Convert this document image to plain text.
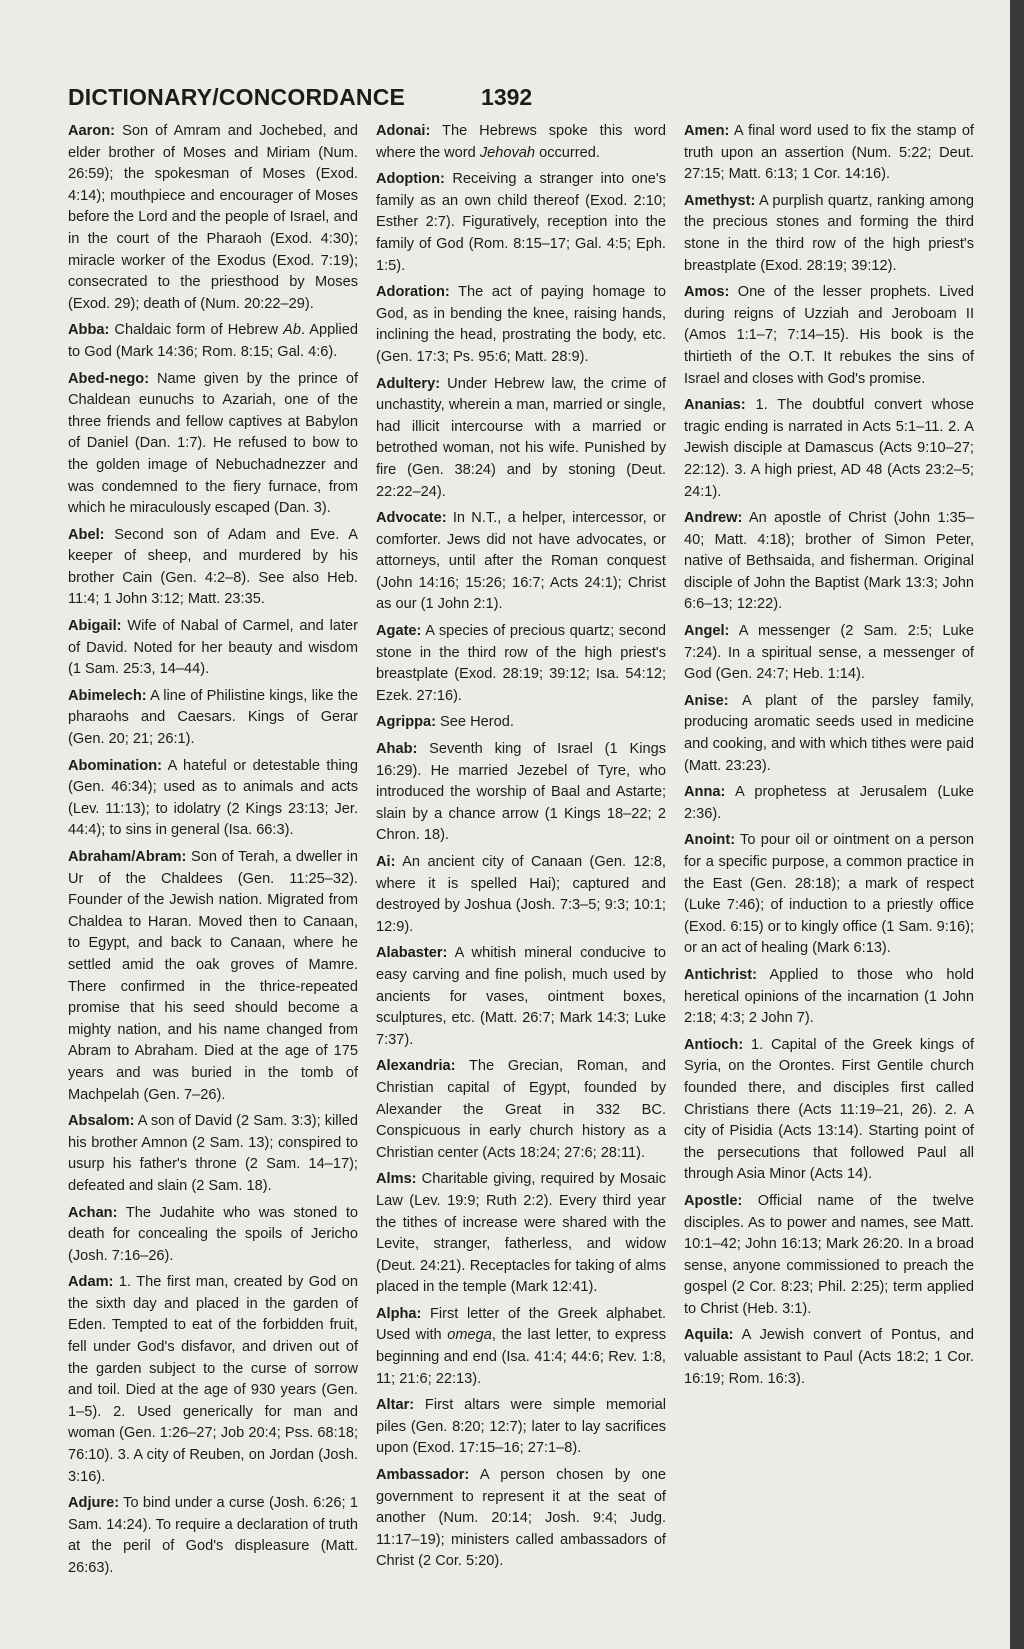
DICTIONARY/CONCORDANCE	1392

Aaron: Son of Amram and Jochebed, and elder brother of Moses and Miriam (Num. 26:59); the spokesman of Moses (Exod. 4:14); mouthpiece and encourager of Moses before the Lord and the people of Israel, and in the court of the Pharaoh (Exod. 4:30); miracle worker of the Exodus (Exod. 7:19); consecrated to the priesthood by Moses (Exod. 29); death of (Num. 20:22–29).

Abba: Chaldaic form of Hebrew Ab. Applied to God (Mark 14:36; Rom. 8:15; Gal. 4:6).

Abed-nego: Name given by the prince of Chaldean eunuchs to Azariah, one of the three friends and fellow captives at Babylon of Daniel (Dan. 1:7). He refused to bow to the golden image of Nebuchadnezzer and was condemned to the fiery furnace, from which he miraculously escaped (Dan. 3).

Abel: Second son of Adam and Eve. A keeper of sheep, and murdered by his brother Cain (Gen. 4:2–8). See also Heb. 11:4; 1 John 3:12; Matt. 23:35.

Abigail: Wife of Nabal of Carmel, and later of David. Noted for her beauty and wisdom (1 Sam. 25:3, 14–44).

Abimelech: A line of Philistine kings, like the pharaohs and Caesars. Kings of Gerar (Gen. 20; 21; 26:1).

Abomination: A hateful or detestable thing (Gen. 46:34); used as to animals and acts (Lev. 11:13); to idolatry (2 Kings 23:13; Jer. 44:4); to sins in general (Isa. 66:3).

Abraham/Abram: Son of Terah, a dweller in Ur of the Chaldees (Gen. 11:25–32). Founder of the Jewish nation. Migrated from Chaldea to Haran. Moved then to Canaan, to Egypt, and back to Canaan, where he settled amid the oak groves of Mamre. There confirmed in the thrice-repeated promise that his seed should become a mighty nation, and his name changed from Abram to Abraham. Died at the age of 175 years and was buried in the tomb of Machpelah (Gen. 7–26).

Absalom: A son of David (2 Sam. 3:3); killed his brother Amnon (2 Sam. 13); conspired to usurp his father's throne (2 Sam. 14–17); defeated and slain (2 Sam. 18).

Achan: The Judahite who was stoned to death for concealing the spoils of Jericho (Josh. 7:16–26).

Adam: 1. The first man, created by God on the sixth day and placed in the garden of Eden. Tempted to eat of the forbidden fruit, fell under God's disfavor, and driven out of the garden subject to the curse of sorrow and toil. Died at the age of 930 years (Gen. 1–5). 2. Used generically for man and woman (Gen. 1:26–27; Job 20:4; Pss. 68:18; 76:10). 3. A city of Reuben, on Jordan (Josh. 3:16).

Adjure: To bind under a curse (Josh. 6:26; 1 Sam. 14:24). To require a declaration of truth at the peril of God's displeasure (Matt. 26:63).

Adonai: The Hebrews spoke this word where the word Jehovah occurred.

Adoption: Receiving a stranger into one's family as an own child thereof (Exod. 2:10; Esther 2:7). Figuratively, reception into the family of God (Rom. 8:15–17; Gal. 4:5; Eph. 1:5).

Adoration: The act of paying homage to God, as in bending the knee, raising hands, inclining the head, prostrating the body, etc. (Gen. 17:3; Ps. 95:6; Matt. 28:9).

Adultery: Under Hebrew law, the crime of unchastity, wherein a man, married or single, had illicit intercourse with a married or betrothed woman, not his wife. Punished by fire (Gen. 38:24) and by stoning (Deut. 22:22–24).

Advocate: In N.T., a helper, intercessor, or comforter. Jews did not have advocates, or attorneys, until after the Roman conquest (John 14:16; 15:26; 16:7; Acts 24:1); Christ as our (1 John 2:1).

Agate: A species of precious quartz; second stone in the third row of the high priest's breastplate (Exod. 28:19; 39:12; Isa. 54:12; Ezek. 27:16).

Agrippa: See Herod.

Ahab: Seventh king of Israel (1 Kings 16:29). He married Jezebel of Tyre, who introduced the worship of Baal and Astarte; slain by a chance arrow (1 Kings 18–22; 2 Chron. 18).

Ai: An ancient city of Canaan (Gen. 12:8, where it is spelled Hai); captured and destroyed by Joshua (Josh. 7:3–5; 9:3; 10:1; 12:9).

Alabaster: A whitish mineral conducive to easy carving and fine polish, much used by ancients for vases, ointment boxes, sculptures, etc. (Matt. 26:7; Mark 14:3; Luke 7:37).

Alexandria: The Grecian, Roman, and Christian capital of Egypt, founded by Alexander the Great in 332 BC. Conspicuous in early church history as a Christian center (Acts 18:24; 27:6; 28:11).

Alms: Charitable giving, required by Mosaic Law (Lev. 19:9; Ruth 2:2). Every third year the tithes of increase were shared with the Levite, stranger, fatherless, and widow (Deut. 24:21). Receptacles for taking of alms placed in the temple (Mark 12:41).

Alpha: First letter of the Greek alphabet. Used with omega, the last letter, to express beginning and end (Isa. 41:4; 44:6; Rev. 1:8, 11; 21:6; 22:13).

Altar: First altars were simple memorial piles (Gen. 8:20; 12:7); later to lay sacrifices upon (Exod. 17:15–16; 27:1–8).

Ambassador: A person chosen by one government to represent it at the seat of another (Num. 20:14; Josh. 9:4; Judg. 11:17–19); ministers called ambassadors of Christ (2 Cor. 5:20).

Amen: A final word used to fix the stamp of truth upon an assertion (Num. 5:22; Deut. 27:15; Matt. 6:13; 1 Cor. 14:16).

Amethyst: A purplish quartz, ranking among the precious stones and forming the third stone in the third row of the high priest's breastplate (Exod. 28:19; 39:12).

Amos: One of the lesser prophets. Lived during reigns of Uzziah and Jeroboam II (Amos 1:1–7; 7:14–15). His book is the thirtieth of the O.T. It rebukes the sins of Israel and closes with God's promise.

Ananias: 1. The doubtful convert whose tragic ending is narrated in Acts 5:1–11. 2. A Jewish disciple at Damascus (Acts 9:10–27; 22:12). 3. A high priest, AD 48 (Acts 23:2–5; 24:1).

Andrew: An apostle of Christ (John 1:35–40; Matt. 4:18); brother of Simon Peter, native of Bethsaida, and fisherman. Original disciple of John the Baptist (Mark 13:3; John 6:6–13; 12:22).

Angel: A messenger (2 Sam. 2:5; Luke 7:24). In a spiritual sense, a messenger of God (Gen. 24:7; Heb. 1:14).

Anise: A plant of the parsley family, producing aromatic seeds used in medicine and cooking, and with which tithes were paid (Matt. 23:23).

Anna: A prophetess at Jerusalem (Luke 2:36).

Anoint: To pour oil or ointment on a person for a specific purpose, a common practice in the East (Gen. 28:18); a mark of respect (Luke 7:46); of induction to a priestly office (Exod. 6:15) or to kingly office (1 Sam. 9:16); or an act of healing (Mark 6:13).

Antichrist: Applied to those who hold heretical opinions of the incarnation (1 John 2:18; 4:3; 2 John 7).

Antioch: 1. Capital of the Greek kings of Syria, on the Orontes. First Gentile church founded there, and disciples first called Christians there (Acts 11:19–21, 26). 2. A city of Pisidia (Acts 13:14). Starting point of the persecutions that followed Paul all through Asia Minor (Acts 14).

Apostle: Official name of the twelve disciples. As to power and names, see Matt. 10:1–42; John 16:13; Mark 26:20. In a broad sense, anyone commissioned to preach the gospel (2 Cor. 8:23; Phil. 2:25); term applied to Christ (Heb. 3:1).

Aquila: A Jewish convert of Pontus, and valuable assistant to Paul (Acts 18:2; 1 Cor. 16:19; Rom. 16:3).
